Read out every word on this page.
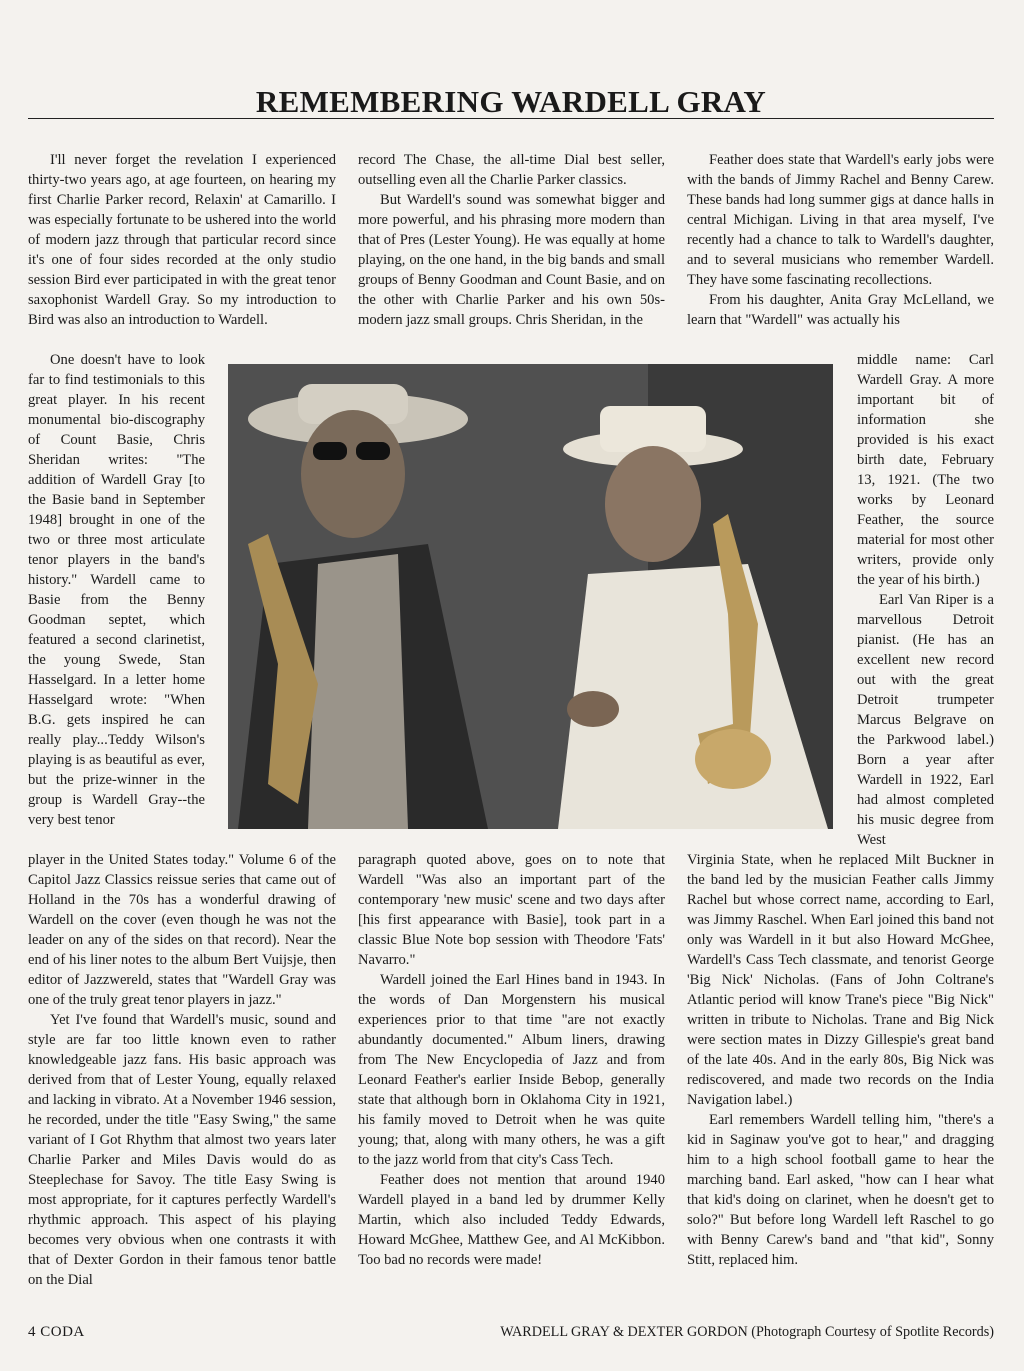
REMEMBERING WARDELL GRAY

I'll never forget the revelation I experienced thirty-two years ago, at age fourteen, on hearing my first Charlie Parker record, Relaxin' at Camarillo. I was especially fortunate to be ushered into the world of modern jazz through that particular record since it's one of four sides recorded at the only studio session Bird ever participated in with the great tenor saxophonist Wardell Gray. So my introduction to Bird was also an introduction to Wardell.

record The Chase, the all-time Dial best seller, outselling even all the Charlie Parker classics.

But Wardell's sound was somewhat bigger and more powerful, and his phrasing more modern than that of Pres (Lester Young). He was equally at home playing, on the one hand, in the big bands and small groups of Benny Goodman and Count Basie, and on the other with Charlie Parker and his own 50s-modern jazz small groups. Chris Sheridan, in the

Feather does state that Wardell's early jobs were with the bands of Jimmy Rachel and Benny Carew. These bands had long summer gigs at dance halls in central Michigan. Living in that area myself, I've recently had a chance to talk to Wardell's daughter, and to several musicians who remember Wardell. They have some fascinating recollections.

From his daughter, Anita Gray McLelland, we learn that "Wardell" was actually his

One doesn't have to look far to find testimonials to this great player. In his recent monumental bio-discography of Count Basie, Chris Sheridan writes: "The addition of Wardell Gray [to the Basie band in September 1948] brought in one of the two or three most articulate tenor players in the band's history." Wardell came to Basie from the Benny Goodman septet, which featured a second clarinetist, the young Swede, Stan Hasselgard. In a letter home Hasselgard wrote: "When B.G. gets inspired he can really play...Teddy Wilson's playing is as beautiful as ever, but the prize-winner in the group is Wardell Gray--the very best tenor

middle name: Carl Wardell Gray. A more important bit of information she provided is his exact birth date, February 13, 1921. (The two works by Leonard Feather, the source material for most other writers, provide only the year of his birth.)

Earl Van Riper is a marvellous Detroit pianist. (He has an excellent new record out with the great Detroit trumpeter Marcus Belgrave on the Parkwood label.) Born a year after Wardell in 1922, Earl had almost completed his music degree from West

player in the United States today." Volume 6 of the Capitol Jazz Classics reissue series that came out of Holland in the 70s has a wonderful drawing of Wardell on the cover (even though he was not the leader on any of the sides on that record). Near the end of his liner notes to the album Bert Vuijsje, then editor of Jazzwereld, states that "Wardell Gray was one of the truly great tenor players in jazz."

Yet I've found that Wardell's music, sound and style are far too little known even to rather knowledgeable jazz fans. His basic approach was derived from that of Lester Young, equally relaxed and lacking in vibrato. At a November 1946 session, he recorded, under the title "Easy Swing," the same variant of I Got Rhythm that almost two years later Charlie Parker and Miles Davis would do as Steeplechase for Savoy. The title Easy Swing is most appropriate, for it captures perfectly Wardell's rhythmic approach. This aspect of his playing becomes very obvious when one contrasts it with that of Dexter Gordon in their famous tenor battle on the Dial

paragraph quoted above, goes on to note that Wardell "Was also an important part of the contemporary 'new music' scene and two days after [his first appearance with Basie], took part in a classic Blue Note bop session with Theodore 'Fats' Navarro."

Wardell joined the Earl Hines band in 1943. In the words of Dan Morgenstern his musical experiences prior to that time "are not exactly abundantly documented." Album liners, drawing from The New Encyclopedia of Jazz and from Leonard Feather's earlier Inside Bebop, generally state that although born in Oklahoma City in 1921, his family moved to Detroit when he was quite young; that, along with many others, he was a gift to the jazz world from that city's Cass Tech.

Feather does not mention that around 1940 Wardell played in a band led by drummer Kelly Martin, which also included Teddy Edwards, Howard McGhee, Matthew Gee, and Al McKibbon. Too bad no records were made!

Virginia State, when he replaced Milt Buckner in the band led by the musician Feather calls Jimmy Rachel but whose correct name, according to Earl, was Jimmy Raschel. When Earl joined this band not only was Wardell in it but also Howard McGhee, Wardell's Cass Tech classmate, and tenorist George 'Big Nick' Nicholas. (Fans of John Coltrane's Atlantic period will know Trane's piece "Big Nick" written in tribute to Nicholas. Trane and Big Nick were section mates in Dizzy Gillespie's great band of the late 40s. And in the early 80s, Big Nick was rediscovered, and made two records on the India Navigation label.)

Earl remembers Wardell telling him, "there's a kid in Saginaw you've got to hear," and dragging him to a high school football game to hear the marching band. Earl asked, "how can I hear what that kid's doing on clarinet, when he doesn't get to solo?" But before long Wardell left Raschel to go with Benny Carew's band and "that kid", Sonny Stitt, replaced him.

4 CODA	WARDELL GRAY & DEXTER GORDON (Photograph Courtesy of Spotlite Records)
